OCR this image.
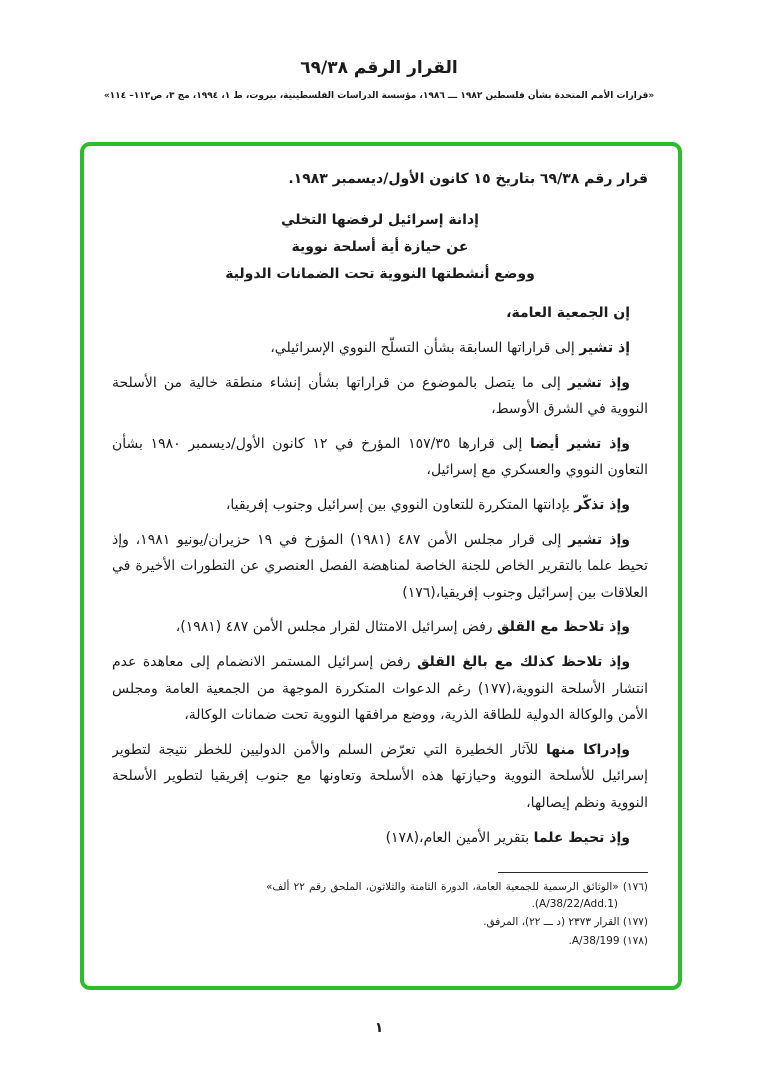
القرار الرقم ٦٩/٣٨
«قرارات الأمم المتحدة بشأن فلسطين ١٩٨٢ ـــ ١٩٨٦، مؤسسة الدراسات الفلسطينية، بيروت، ط ١، ١٩٩٤، مج ٣، ص١١٢– ١١٤»

قرار رقم ٦٩/٣٨ بتاريخ ١٥ كانون الأول/ديسمبر ١٩٨٣.

إدانة إسرائيل لرفضها التخلي
عن حيازة أية أسلحة نووية
ووضع أنشطتها النووية تحت الضمانات الدولية

إن الجمعية العامة،

إذ تشير إلى قراراتها السابقة بشأن التسلّح النووي الإسرائيلي،

وإذ تشير إلى ما يتصل بالموضوع من قراراتها بشأن إنشاء منطقة خالية من الأسلحة النووية في الشرق الأوسط،

وإذ تشير أيضا إلى قرارها ١٥٧/٣٥ المؤرخ في ١٢ كانون الأول/ديسمبر ١٩٨٠ بشأن التعاون النووي والعسكري مع إسرائيل،

وإذ تذكّر بإدانتها المتكررة للتعاون النووي بين إسرائيل وجنوب إفريقيا،

وإذ تشير إلى قرار مجلس الأمن ٤٨٧ (١٩٨١) المؤرخ في ١٩ حزيران/يونيو ١٩٨١، وإذ تحيط علما بالتقرير الخاص للجنة الخاصة لمناهضة الفصل العنصري عن التطورات الأخيرة في العلاقات بين إسرائيل وجنوب إفريقيا،(١٧٦)

وإذ تلاحظ مع القلق رفض إسرائيل الامتثال لقرار مجلس الأمن ٤٨٧ (١٩٨١)،

وإذ تلاحظ كذلك مع بالغ القلق رفض إسرائيل المستمر الانضمام إلى معاهدة عدم انتشار الأسلحة النووية،(١٧٧) رغم الدعوات المتكررة الموجهة من الجمعية العامة ومجلس الأمن والوكالة الدولية للطاقة الذرية، ووضع مرافقها النووية تحت ضمانات الوكالة،

وإدراكا منها للآثار الخطيرة التي تعرّض السلم والأمن الدوليين للخطر نتيجة لتطوير إسرائيل للأسلحة النووية وحيازتها هذه الأسلحة وتعاونها مع جنوب إفريقيا لتطوير الأسلحة النووية ونظم إيصالها،

وإذ تحيط علما بتقرير الأمين العام،(١٧٨)

(١٧٦) «الوثائق الرسمية للجمعية العامة، الدورة الثامنة والثلاثون، الملحق رقم ٢٢ ألف» (A/38/22/Add.1).

(١٧٧) القرار ٢٣٧٣ (د ـــ ٢٢)، المرفق.

(١٧٨) A/38/199.

١
